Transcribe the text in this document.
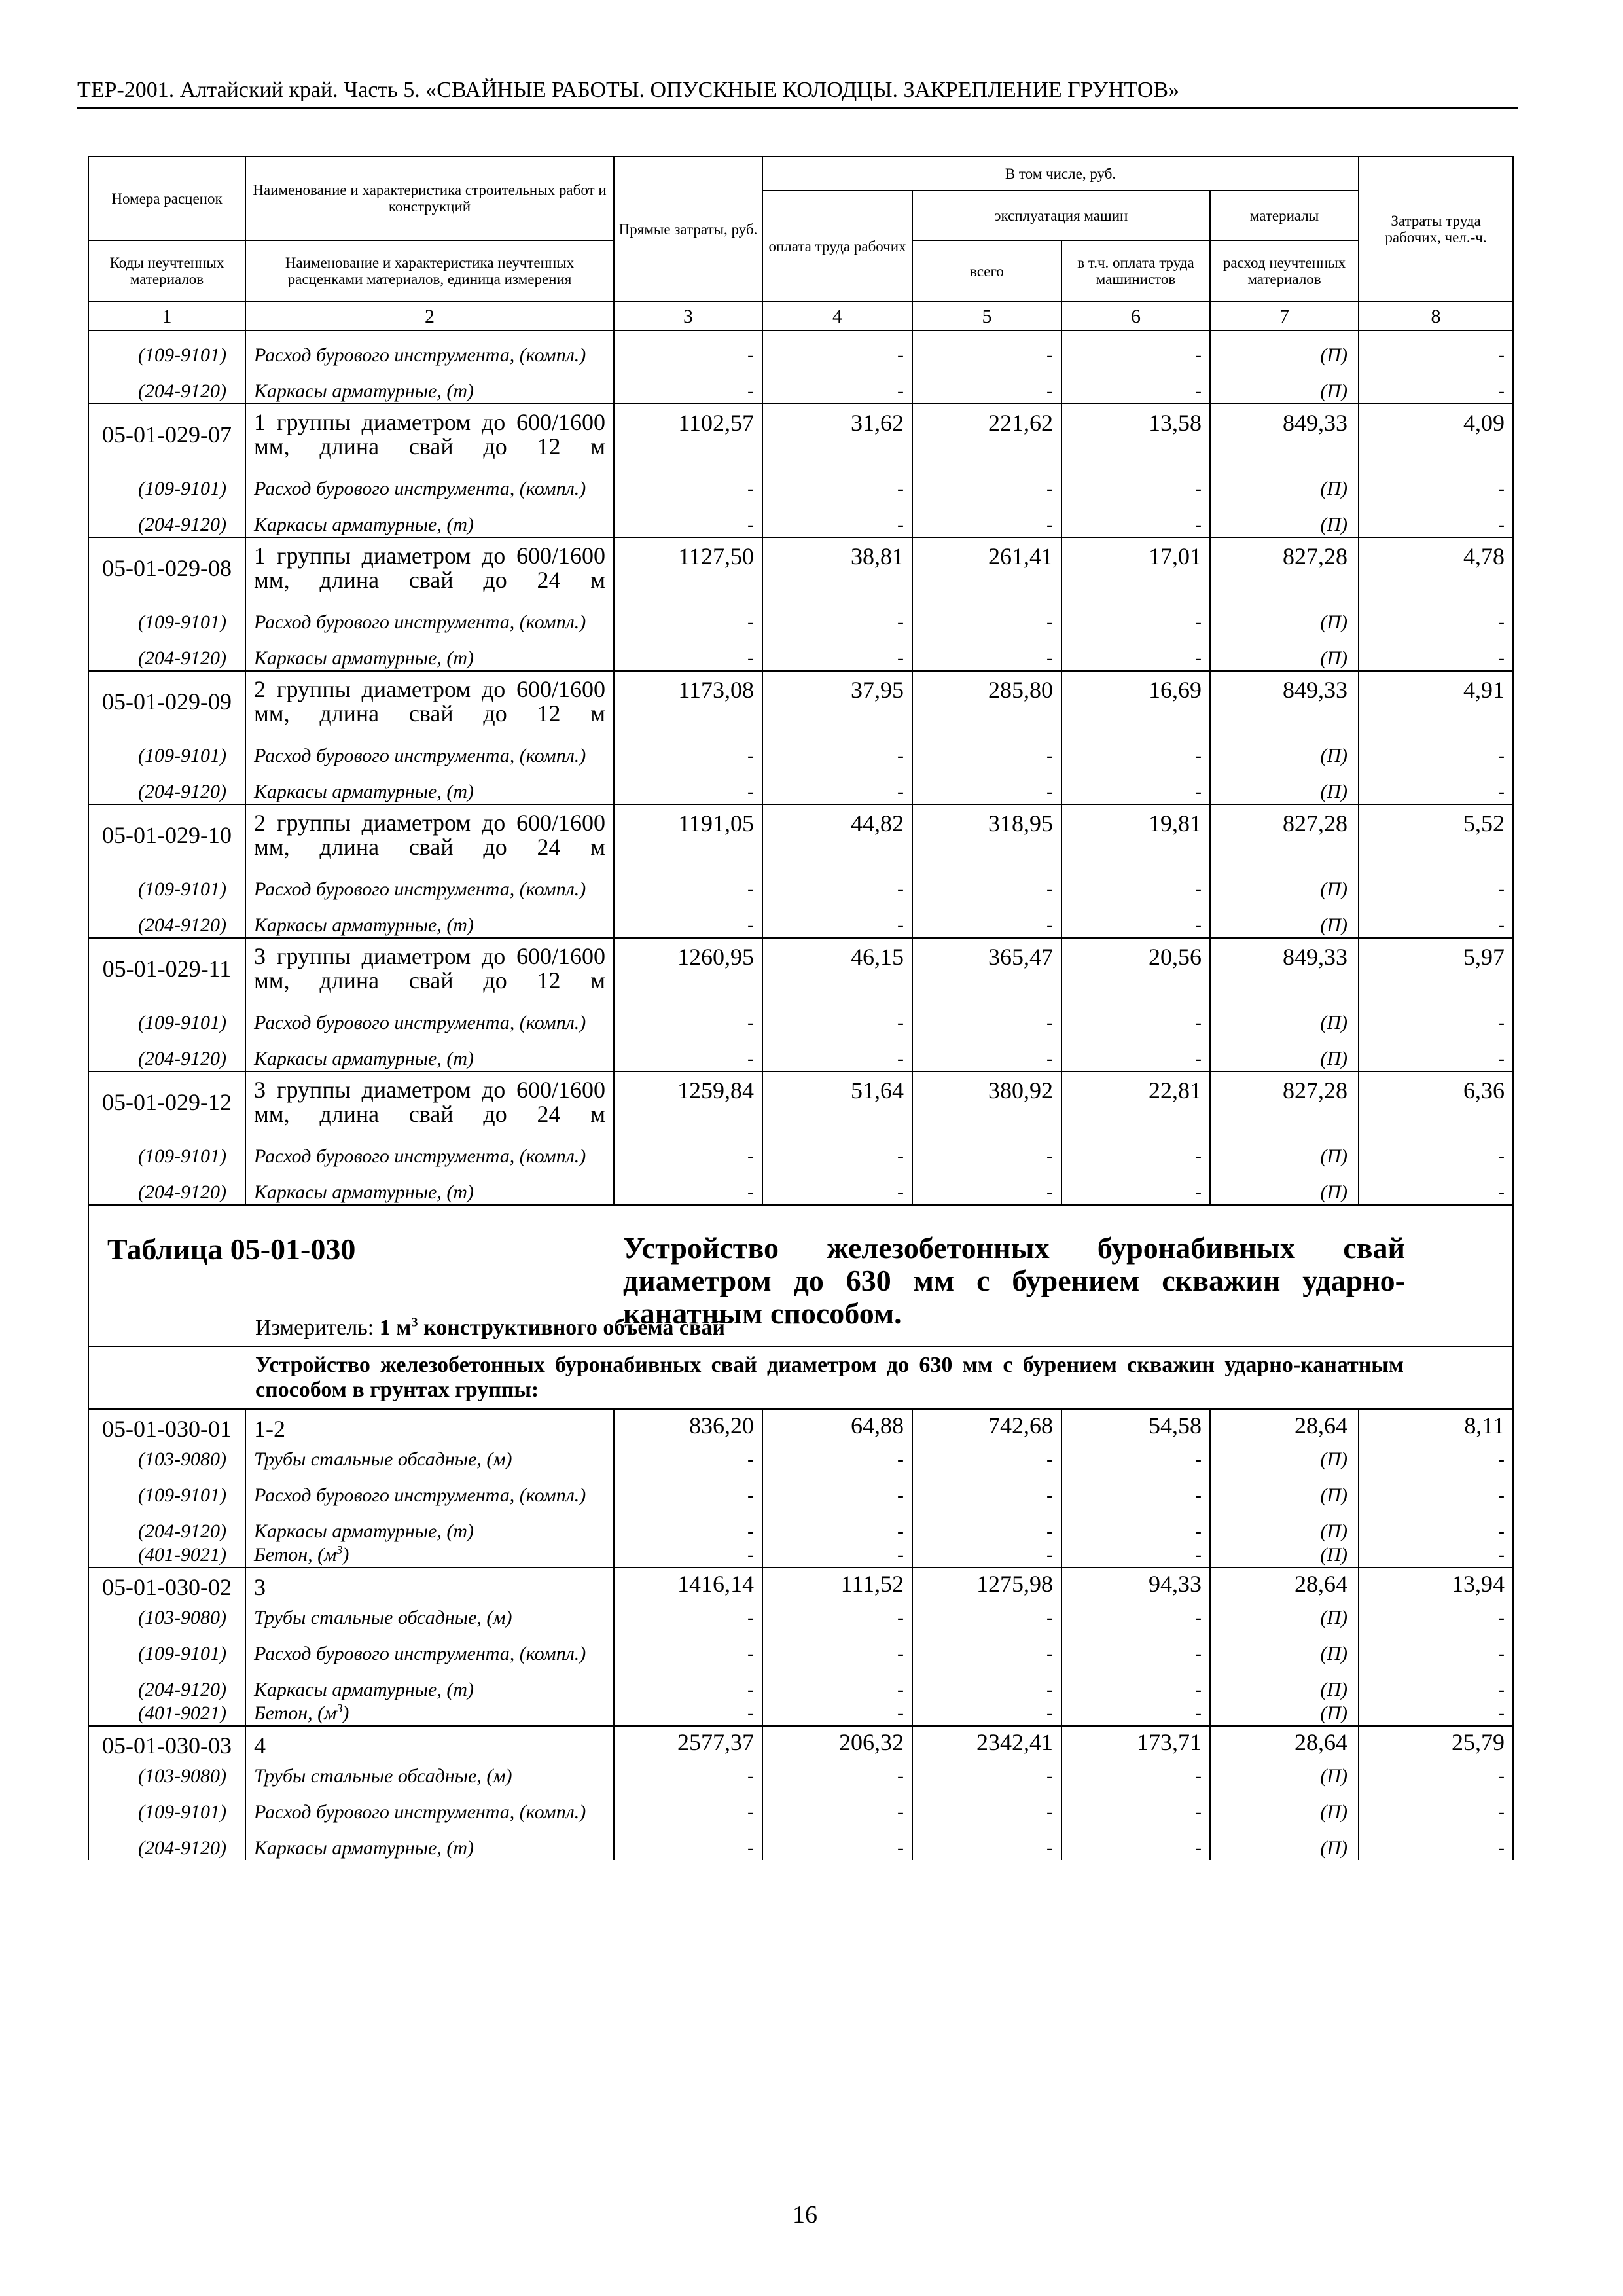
ТЕР-2001. Алтайский край. Часть 5. «СВАЙНЫЕ РАБОТЫ. ОПУСКНЫЕ КОЛОДЦЫ. ЗАКРЕПЛЕНИЕ ГРУНТОВ»
Номера расценок	Наименование и характеристика строительных работ и конструкций	Прямые затраты, руб.	В том числе, руб.				Затраты труда рабочих, чел.-ч.
			оплата труда рабочих	эксплуатация машин		материалы	
Коды неучтенных материалов	Наименование и характеристика неучтенных расценками материалов, единица измерения			всего	в т.ч. оплата труда машинистов	расход неучтенных материалов	
1	2	3	4	5	6	7	8
(109-9101)	Расход бурового инструмента, (компл.)	-	-	-	-	(П)	-
(204-9120)	Каркасы арматурные, (т)	-	-	-	-	(П)	-
05-01-029-07	1 группы диаметром до 600/1600 мм, длина свай до 12 м	1102,57	31,62	221,62	13,58	849,33	4,09
(109-9101)	Расход бурового инструмента, (компл.)	-	-	-	-	(П)	-
(204-9120)	Каркасы арматурные, (т)	-	-	-	-	(П)	-
05-01-029-08	1 группы диаметром до 600/1600 мм, длина свай до 24 м	1127,50	38,81	261,41	17,01	827,28	4,78
(109-9101)	Расход бурового инструмента, (компл.)	-	-	-	-	(П)	-
(204-9120)	Каркасы арматурные, (т)	-	-	-	-	(П)	-
05-01-029-09	2 группы диаметром до 600/1600 мм, длина свай до 12 м	1173,08	37,95	285,80	16,69	849,33	4,91
(109-9101)	Расход бурового инструмента, (компл.)	-	-	-	-	(П)	-
(204-9120)	Каркасы арматурные, (т)	-	-	-	-	(П)	-
05-01-029-10	2 группы диаметром до 600/1600 мм, длина свай до 24 м	1191,05	44,82	318,95	19,81	827,28	5,52
(109-9101)	Расход бурового инструмента, (компл.)	-	-	-	-	(П)	-
(204-9120)	Каркасы арматурные, (т)	-	-	-	-	(П)	-
05-01-029-11	3 группы диаметром до 600/1600 мм, длина свай до 12 м	1260,95	46,15	365,47	20,56	849,33	5,97
(109-9101)	Расход бурового инструмента, (компл.)	-	-	-	-	(П)	-
(204-9120)	Каркасы арматурные, (т)	-	-	-	-	(П)	-
05-01-029-12	3 группы диаметром до 600/1600 мм, длина свай до 24 м	1259,84	51,64	380,92	22,81	827,28	6,36
(109-9101)	Расход бурового инструмента, (компл.)	-	-	-	-	(П)	-
(204-9120)	Каркасы арматурные, (т)	-	-	-	-	(П)	-

Таблица 05-01-030 Устройство железобетонных буронабивных свай диаметром до 630 мм с бурением скважин ударно-канатным способом.
Измеритель: 1 $м^3$ конструктивного объема свай							

Устройство железобетонных буронабивных свай диаметром до 630 мм с бурением скважин ударно-канатным способом в грунтах группы:							

05-01-030-01	1-2	836,20	64,88	742,68	54,58	28,64	8,11
(103-9080)	Трубы стальные обсадные, (м)	-	-	-	-	(П)	-
(109-9101)	Расход бурового инструмента, (компл.)	-	-	-	-	(П)	-
(204-9120)	Каркасы арматурные, (т)	-	-	-	-	(П)	-
(401-9021)	Бетон, $(м^3)$	-	-	-	-	(П)	-
05-01-030-02	3	1416,14	111,52	1275,98	94,33	28,64	13,94
(103-9080)	Трубы стальные обсадные, (м)	-	-	-	-	(П)	-
(109-9101)	Расход бурового инструмента, (компл.)	-	-	-	-	(П)	-
(204-9120)	Каркасы арматурные, (т)	-	-	-	-	(П)	-
(401-9021)	Бетон, $(м^3)$	-	-	-	-	(П)	-
05-01-030-03	4	2577,37	206,32	2342,41	173,71	28,64	25,79
(103-9080)	Трубы стальные обсадные, (м)	-	-	-	-	(П)	-
(109-9101)	Расход бурового инструмента, (компл.)	-	-	-	-	(П)	-
(204-9120)	Каркасы арматурные, (т)	-	-	-	-	(П)	-
16
